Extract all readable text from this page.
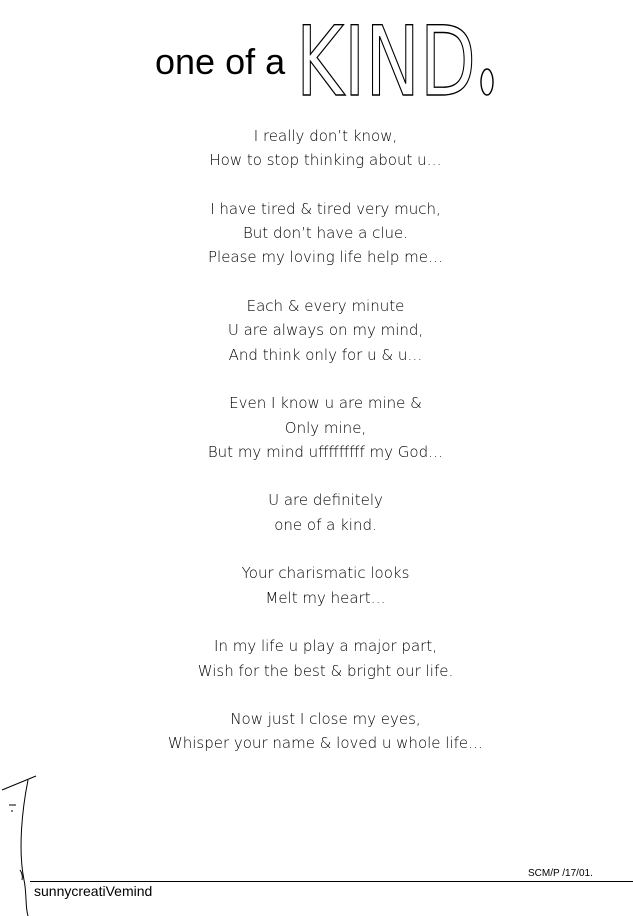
one of a KIND
I really don’t know,
How to stop thinking about u…
I have tired & tired very much,
But don’t have a clue.
Please my loving life help me…
Each & every minute
U are always on my mind,
And think only for u & u…
Even I know u are mine &
Only mine,
But my mind ufffffffff my God…
U are definitely
one of a kind.
Your charismatic looks
Melt my heart…
In my life u play a major part,
Wish for the best & bright our life.
Now just I close my eyes,
Whisper your name & loved u whole life…
SCM/P /17/01.
sunnycreatiVemind
